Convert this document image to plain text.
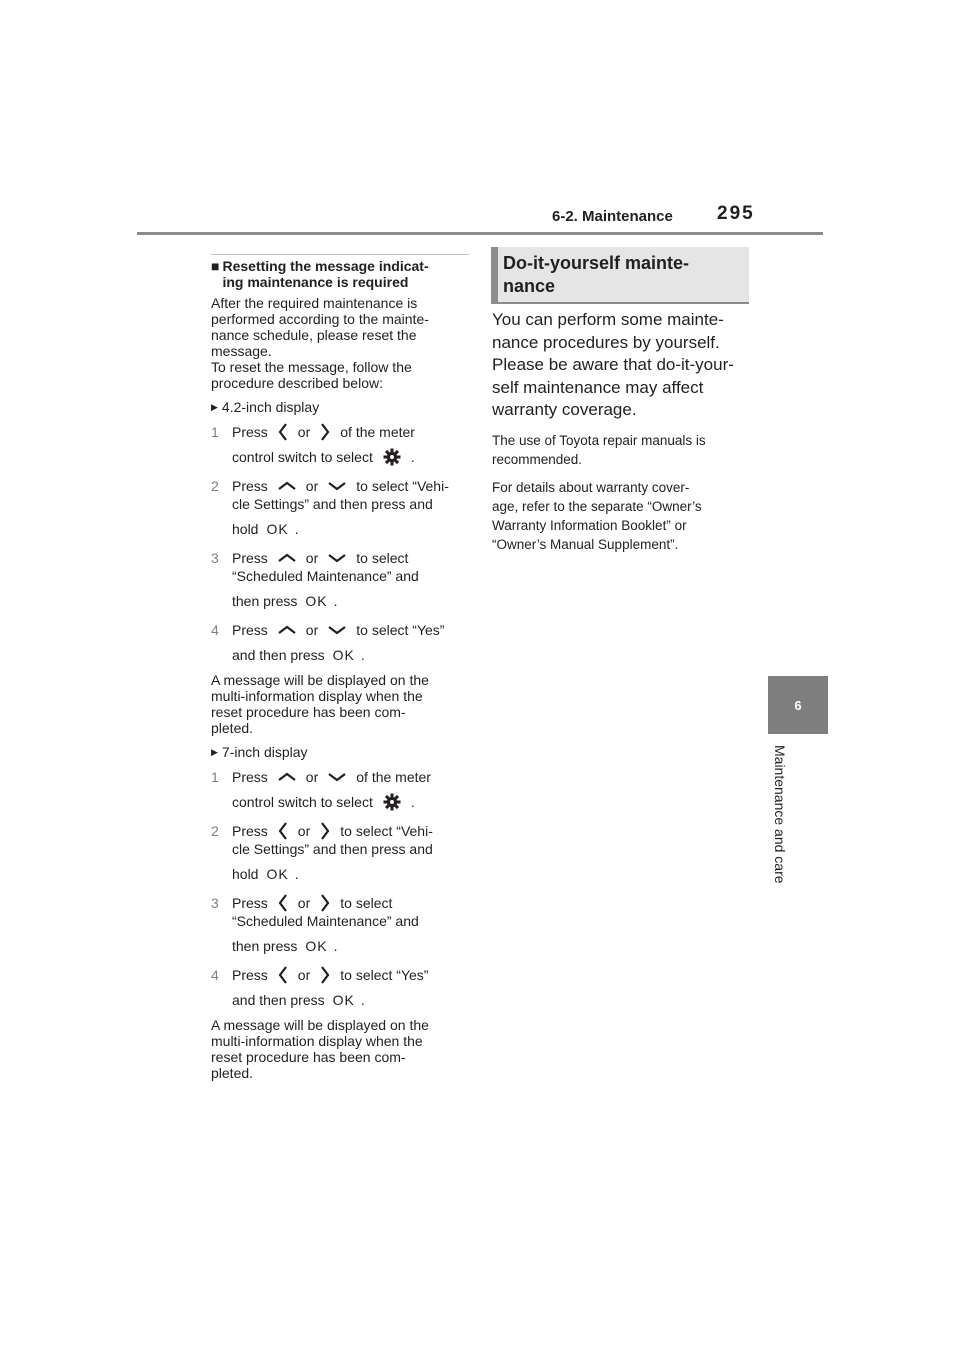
6-2. Maintenance 295
6
Maintenance and care
■ Resetting the message indicat-
ing maintenance is required
After the required maintenance is
performed according to the mainte-
nance schedule, please reset the
message.
To reset the message, follow the
procedure described below:
▶ 4.2-inch display
1 Press or of the meter
control switch to select	.
2 Press	or	to select “Vehi-
cle Settings” and then press and
hold OK .
3 Press	or	to select
“Scheduled Maintenance” and
then press OK .
4 Press	or	to select “Yes”
and then press OK .
A message will be displayed on the
multi-information display when the
reset procedure has been com-
pleted.
▶ 7-inch display
1 Press	or	of the meter
control switch to select	.
2 Press or to select “Vehi-
cle Settings” and then press and
hold OK .
3 Press or to select
“Scheduled Maintenance” and
then press OK .
4 Press or to select “Yes”
and then press OK .
A message will be displayed on the
multi-information display when the
reset procedure has been com-
pleted.
Do-it-yourself mainte-
nance
You can perform some mainte-
nance procedures by yourself.
Please be aware that do-it-your-
self maintenance may affect
warranty coverage.
The use of Toyota repair manuals is
recommended.
For details about warranty cover-
age, refer to the separate “Owner’s
Warranty Information Booklet” or
“Owner’s Manual Supplement”.
